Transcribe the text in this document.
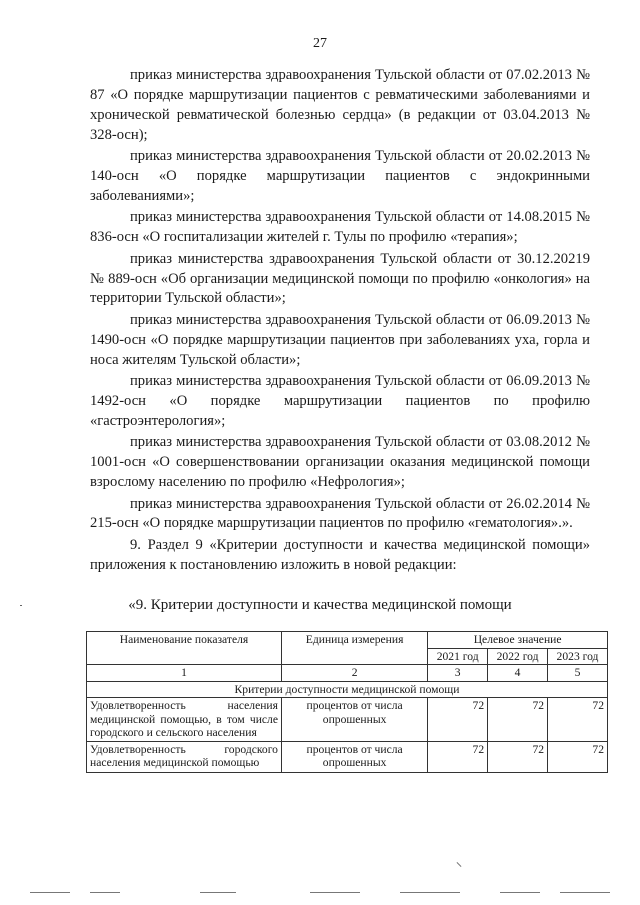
27

приказ министерства здравоохранения Тульской области от 07.02.2013 № 87 «О порядке маршрутизации пациентов с ревматическими заболеваниями и хронической ревматической болезнью сердца» (в редакции от 03.04.2013 № 328-осн);

приказ министерства здравоохранения Тульской области от 20.02.2013 № 140-осн «О порядке маршрутизации пациентов с эндокринными заболеваниями»;

приказ министерства здравоохранения Тульской области от 14.08.2015 № 836-осн «О госпитализации жителей г. Тулы по профилю «терапия»;

приказ министерства здравоохранения Тульской области от 30.12.20219 № 889-осн «Об организации медицинской помощи по профилю «онкология» на территории Тульской области»;

приказ министерства здравоохранения Тульской области от 06.09.2013 № 1490-осн «О порядке маршрутизации пациентов при заболеваниях уха, горла и носа жителям Тульской области»;

приказ министерства здравоохранения Тульской области от 06.09.2013 № 1492-осн «О порядке маршрутизации пациентов по профилю «гастроэнтерология»;

приказ министерства здравоохранения Тульской области от 03.08.2012 № 1001-осн «О совершенствовании организации оказания медицинской помощи взрослому населению по профилю «Нефрология»;

приказ министерства здравоохранения Тульской области от 26.02.2014 № 215-осн «О порядке маршрутизации пациентов по профилю «гематология».».

9. Раздел 9 «Критерии доступности и качества медицинской помощи» приложения к постановлению изложить в новой редакции:

«9. Критерии доступности и качества медицинской помощи
Наименование показателя	Единица измерения	Целевое значение		
		2021 год	2022 год	2023 год
1	2	3	4	5
Критерии доступности медицинской помощи				
Удовлетворенность населения медицинской помощью, в том числе городского и сельского населения	процентов от числа опрошенных	72	72	72
Удовлетворенность городского населения медицинской помощью	процентов от числа опрошенных	72	72	72
